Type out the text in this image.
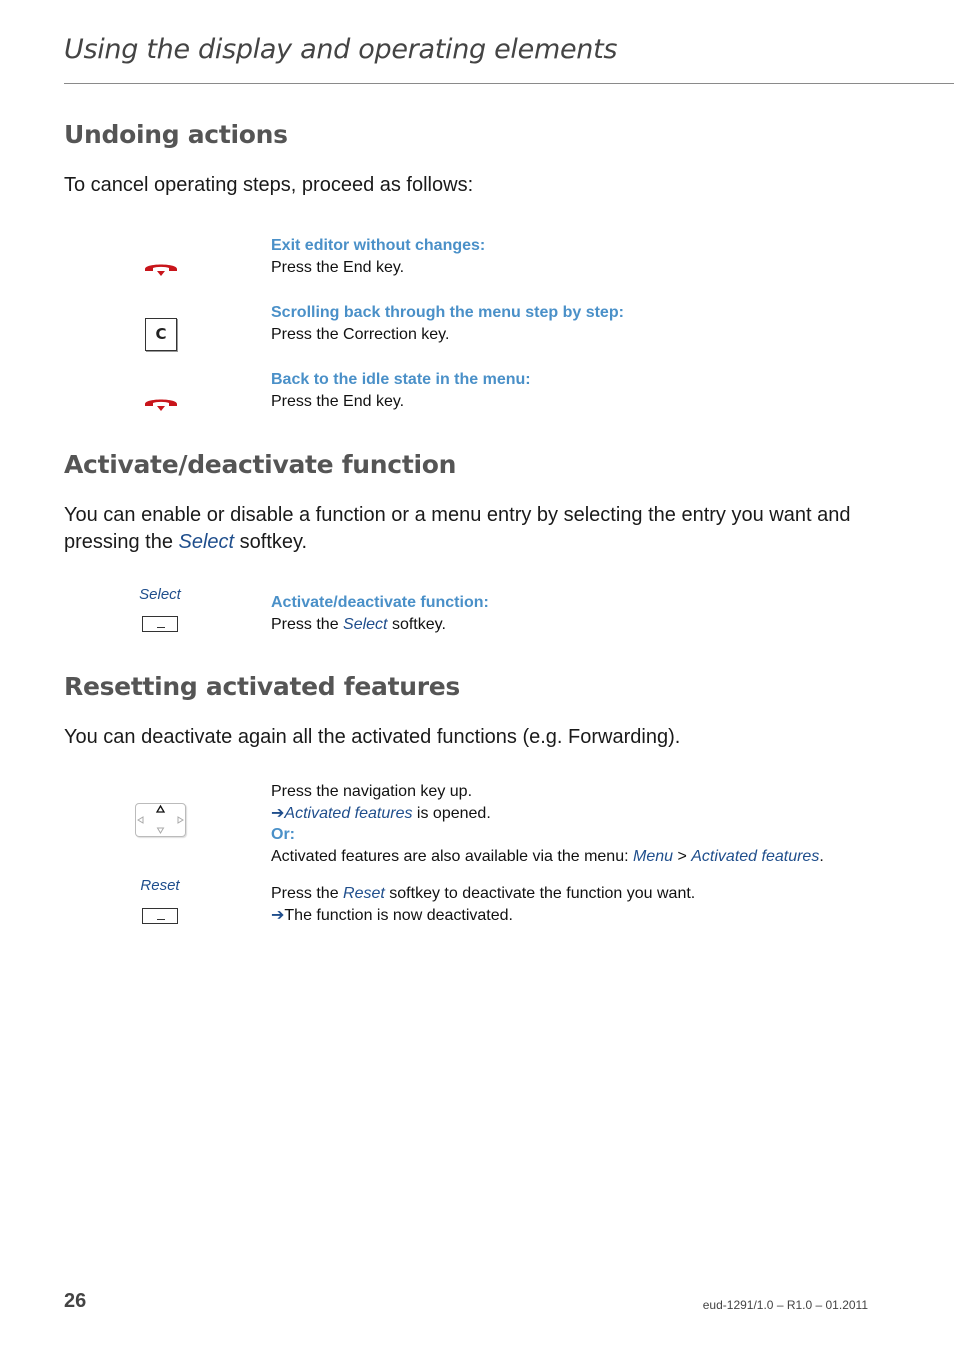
Using the display and operating elements
Undoing actions
To cancel operating steps, proceed as follows:
Exit editor without changes:
Press the End key.
C
Scrolling back through the menu step by step:
Press the Correction key.
Back to the idle state in the menu:
Press the End key.
Activate/deactivate function
You can enable or disable a function or a menu entry by selecting the entry you want and pressing the Select softkey.
Select	Activate/deactivate function:
Press the Select softkey.
Resetting activated features
You can deactivate again all the activated functions (e.g. Forwarding).
Press the navigation key up.
➔Activated features is opened.
Or:
Activated features are also available via the menu: Menu > Activated features.
Reset	Press the Reset softkey to deactivate the function you want.
➔The function is now deactivated.
26	eud-1291/1.0 – R1.0 – 01.2011
